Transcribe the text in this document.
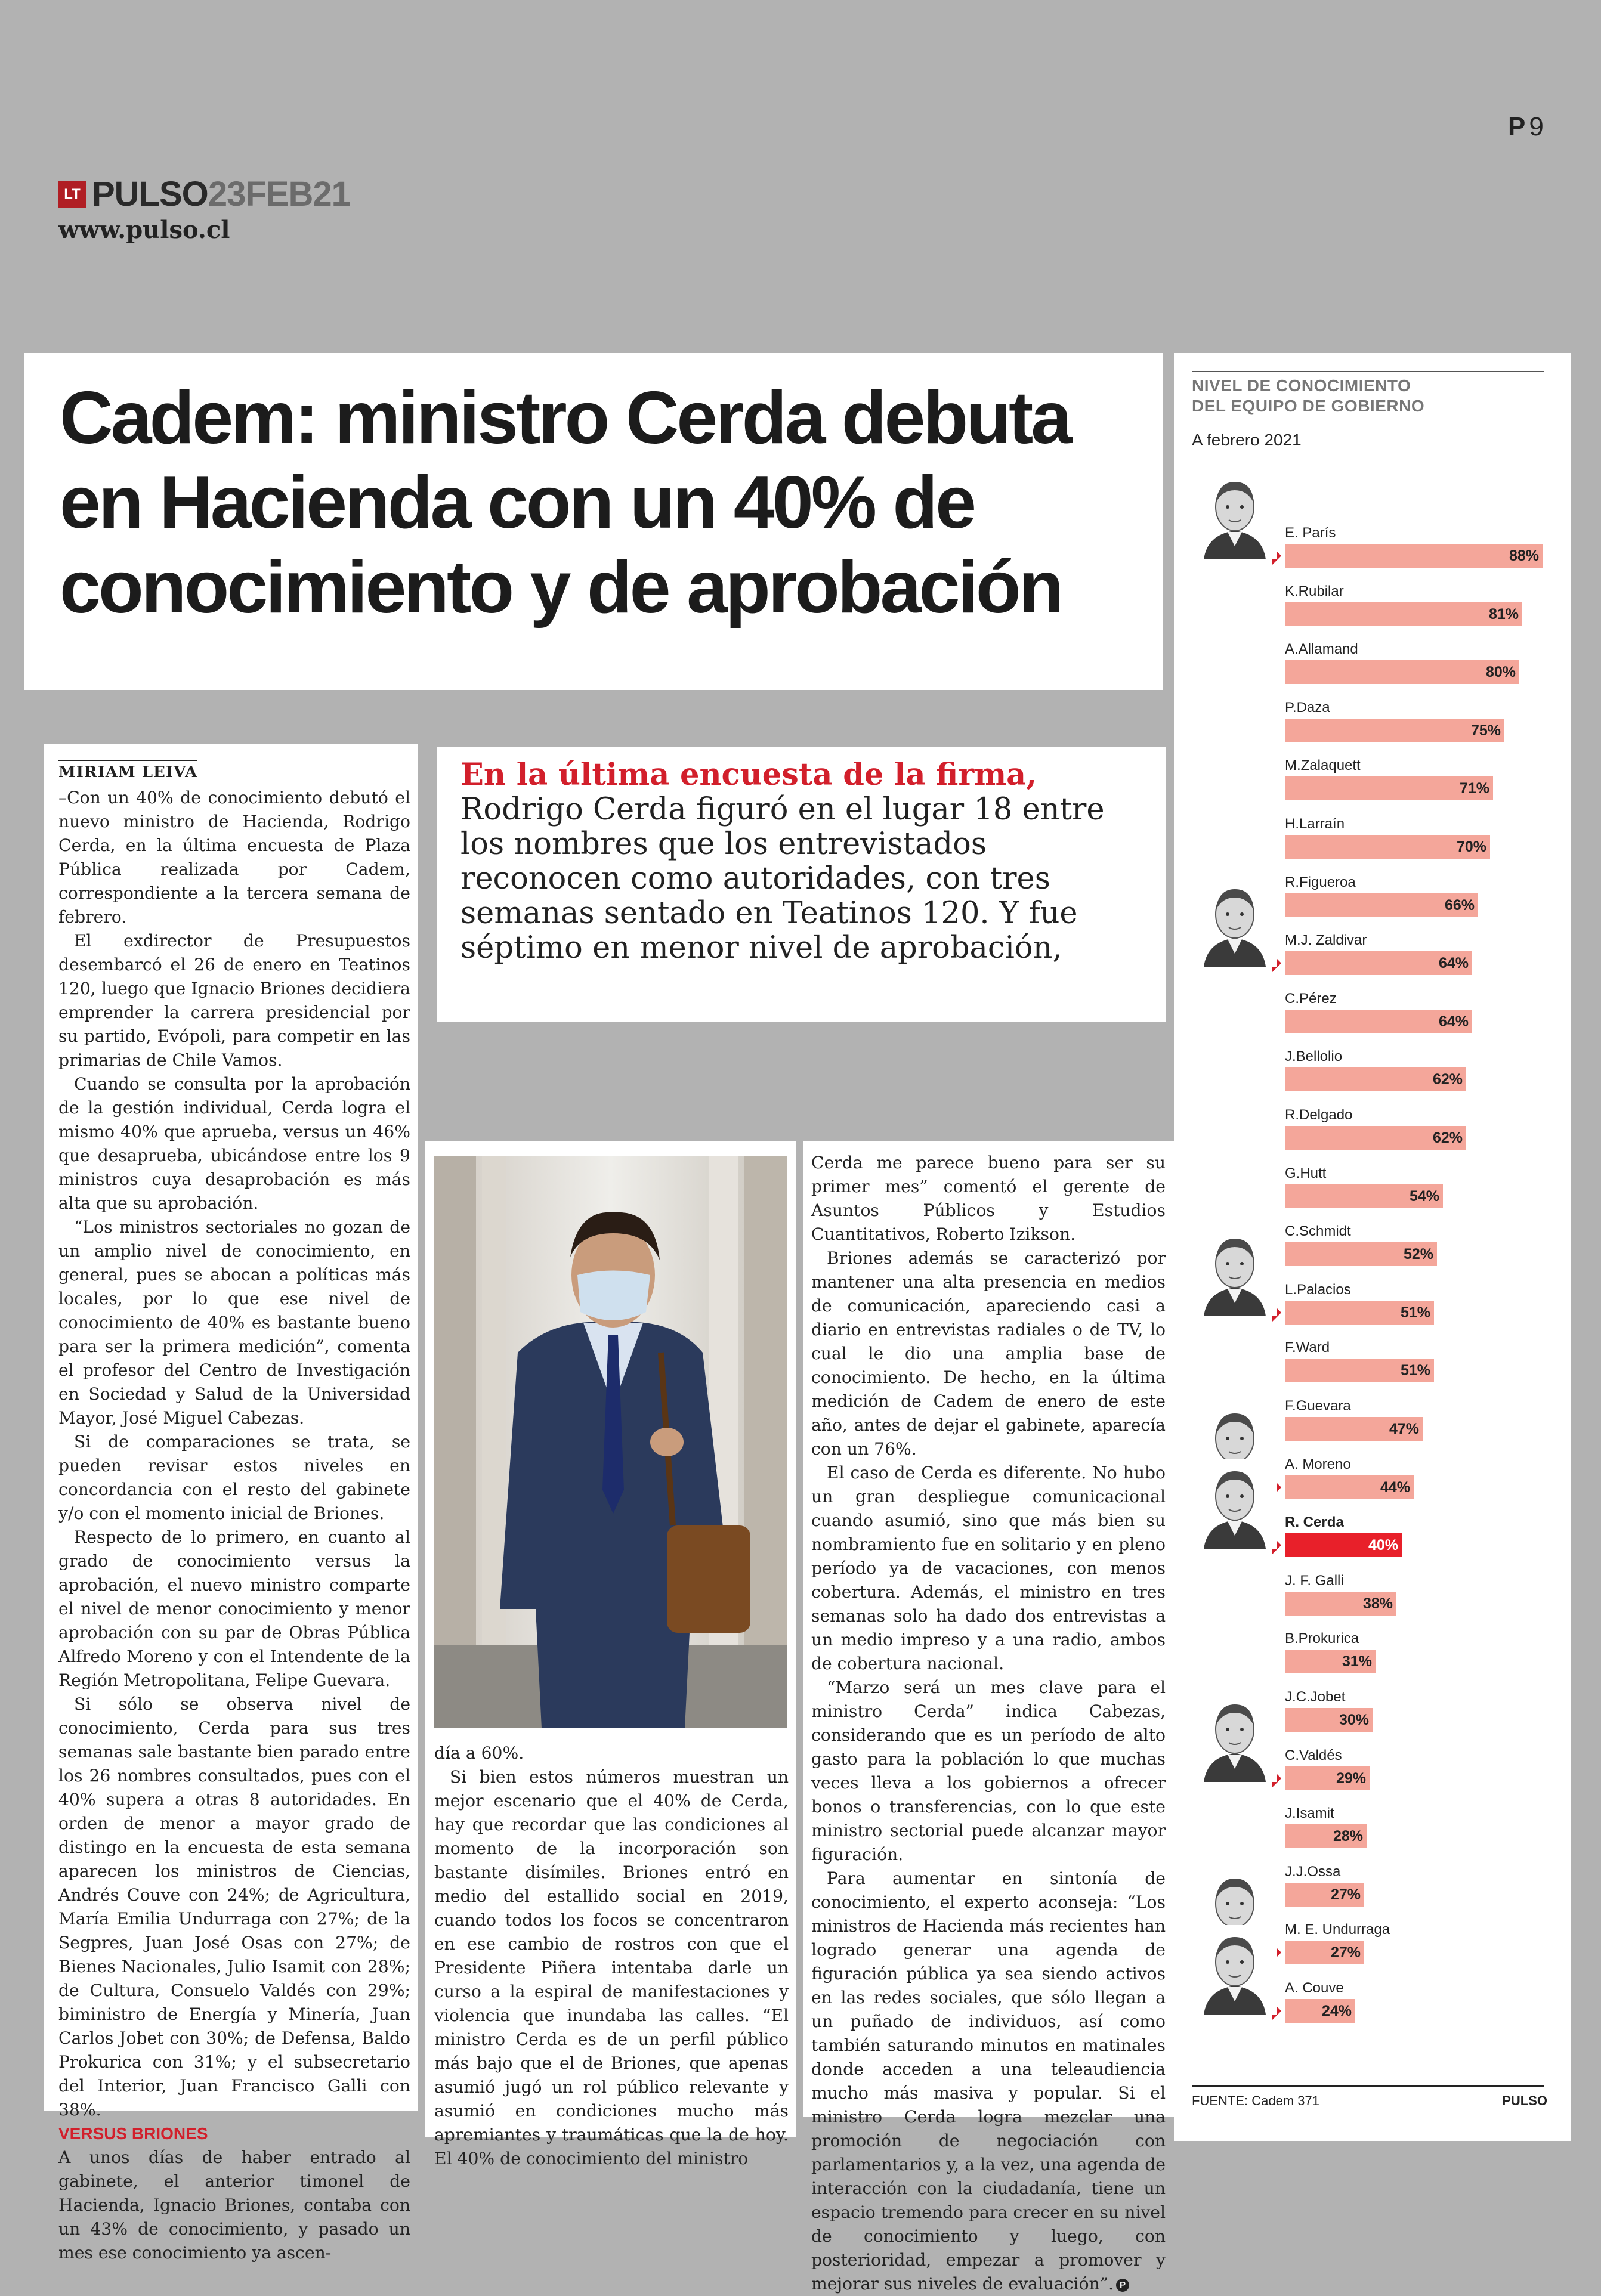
P 9
LT PULSO23FEB21
www.pulso.cl
Cadem: ministro Cerda debuta en Hacienda con un 40% de conocimiento y de aprobación
MIRIAM LEIVA

–Con un 40% de conocimiento debutó el nuevo ministro de Hacienda, Rodrigo Cerda, en la última encuesta de Plaza Pública realizada por Cadem, correspondiente a la tercera semana de febrero.

El exdirector de Presupuestos desembarcó el 26 de enero en Teatinos 120, luego que Ignacio Briones decidiera emprender la carrera presidencial por su partido, Evópoli, para competir en las primarias de Chile Vamos.

Cuando se consulta por la aprobación de la gestión individual, Cerda logra el mismo 40% que aprueba, versus un 46% que desaprueba, ubicándose entre los 9 ministros cuya desaprobación es más alta que su aprobación.

“Los ministros sectoriales no gozan de un amplio nivel de conocimiento, en general, pues se abocan a políticas más locales, por lo que ese nivel de conocimiento de 40% es bastante bueno para ser la primera medición”, comenta el profesor del Centro de Investigación en Sociedad y Salud de la Universidad Mayor, José Miguel Cabezas.

Si de comparaciones se trata, se pueden revisar estos niveles en concordancia con el resto del gabinete y/o con el momento inicial de Briones.

Respecto de lo primero, en cuanto al grado de conocimiento versus la aprobación, el nuevo ministro comparte el nivel de menor conocimiento y menor aprobación con su par de Obras Pública Alfredo Moreno y con el Intendente de la Región Metropolitana, Felipe Guevara.

Si sólo se observa nivel de conocimiento, Cerda para sus tres semanas sale bastante bien parado entre los 26 nombres consultados, pues con el 40% supera a otras 8 autoridades. En orden de menor a mayor grado de distingo en la encuesta de esta semana aparecen los ministros de Ciencias, Andrés Couve con 24%; de Agricultura, María Emilia Undurraga con 27%; de la Segpres, Juan José Osas con 27%; de Bienes Nacionales, Julio Isamit con 28%; de Cultura, Consuelo Valdés con 29%; biministro de Energía y Minería, Juan Carlos Jobet con 30%; de Defensa, Baldo Prokurica con 31%; y el subsecretario del Interior, Juan Francisco Galli con 38%.

VERSUS BRIONES

A unos días de haber entrado al gabinete, el anterior timonel de Hacienda, Ignacio Briones, contaba con un 43% de conocimiento, y pasado un mes ese conocimiento ya ascen-

En la última encuesta de la firma, Rodrigo Cerda figuró en el lugar 18 entre los nombres que los entrevistados reconocen como autoridades, con tres semanas sentado en Teatinos 120. Y fue séptimo en menor nivel de aprobación,

día a 60%.

Si bien estos números muestran un mejor escenario que el 40% de Cerda, hay que recordar que las condiciones al momento de la incorporación son bastante disímiles. Briones entró en medio del estallido social en 2019, cuando todos los focos se concentraron en ese cambio de rostros con que el Presidente Piñera intentaba darle un curso a la espiral de manifestaciones y violencia que inundaba las calles. “El ministro Cerda es de un perfil público más bajo que el de Briones, que apenas asumió jugó un rol público relevante y asumió en condiciones mucho más apremiantes y traumáticas que la de hoy. El 40% de conocimiento del ministro

Cerda me parece bueno para ser su primer mes” comentó el gerente de Asuntos Públicos y Estudios Cuantitativos, Roberto Izikson.

Briones además se caracterizó por mantener una alta presencia en medios de comunicación, apareciendo casi a diario en entrevistas radiales o de TV, lo cual le dio una amplia base de conocimiento. De hecho, en la última medición de Cadem de enero de este año, antes de dejar el gabinete, aparecía con un 76%.

El caso de Cerda es diferente. No hubo un gran despliegue comunicacional cuando asumió, sino que más bien su nombramiento fue en solitario y en pleno período ya de vacaciones, con menos cobertura. Además, el ministro en tres semanas solo ha dado dos entrevistas a un medio impreso y a una radio, ambos de cobertura nacional.

“Marzo será un mes clave para el ministro Cerda” indica Cabezas, considerando que es un período de alto gasto para la población lo que muchas veces lleva a los gobiernos a ofrecer bonos o transferencias, con lo que este ministro sectorial puede alcanzar mayor figuración.

Para aumentar en sintonía de conocimiento, el experto aconseja: “Los ministros de Hacienda más recientes han logrado generar una agenda de figuración pública ya sea siendo activos en las redes sociales, que sólo llegan a un puñado de individuos, así como también saturando minutos en matinales donde acceden a una teleaudiencia mucho más masiva y popular. Si el ministro Cerda logra mezclar una promoción de negociación con parlamentarios y, a la vez, una agenda de interacción con la ciudadanía, tiene un espacio tremendo para crecer en su nivel de conocimiento y luego, con posterioridad, empezar a promover y mejorar sus niveles de evaluación”. P

NIVEL DE CONOCIMIENTO
DEL EQUIPO DE GOBIERNO
A febrero 2021
E. París
88%
K.Rubilar
81%
A.Allamand
80%
P.Daza
75%
M.Zalaquett
71%
H.Larraín
70%
R.Figueroa
66%
M.J. Zaldivar
64%
C.Pérez
64%
J.Bellolio
62%
R.Delgado
62%
G.Hutt
54%
C.Schmidt
52%
L.Palacios
51%
F.Ward
51%
F.Guevara
47%
A. Moreno
44%
R. Cerda
40%
J. F. Galli
38%
B.Prokurica
31%
J.C.Jobet
30%
C.Valdés
29%
J.Isamit
28%
J.J.Ossa
27%
M. E. Undurraga
27%
A. Couve
24%
FUENTE: Cadem 371	PULSO
